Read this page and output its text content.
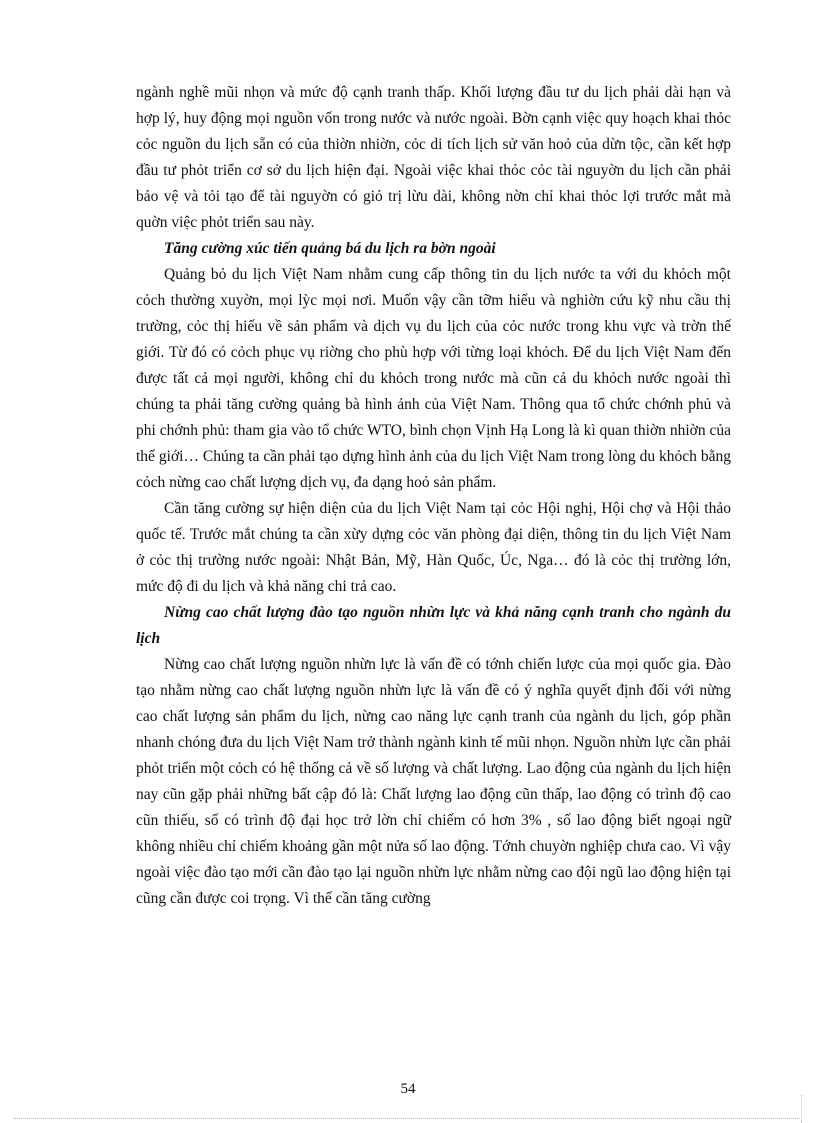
ngành nghề mũi nhọn và mức độ cạnh tranh thấp. Khối lượng đầu tư du lịch phải dài hạn và hợp lý, huy động mọi nguồn vốn trong nước và nước ngoài. Bờn cạnh việc quy hoạch khai thỏc cỏc nguồn du lịch sẵn có của thiờn nhiờn, cỏc di tích lịch sử văn hoỏ của dừn tộc, cần kết hợp đầu tư phỏt triển cơ sở du lịch hiện đại. Ngoài việc khai thỏc cỏc tài nguyờn du lịch cần phải bảo vệ và tỏi tạo để tài nguyờn có giỏ trị lừu dài, không nờn chỉ khai thỏc lợi trước mắt mà quờn việc phỏt triển sau này.

Tăng cường xúc tiến quảng bá du lịch ra bờn ngoài

Quảng bỏ du lịch Việt Nam nhằm cung cấp thông tin du lịch nước ta với du khỏch một cỏch thường xuyờn, mọi lỳc mọi nơi. Muốn vậy cần tỡm hiểu và nghiờn cứu kỹ nhu cầu thị trường, cỏc thị hiếu về sản phẩm và dịch vụ du lịch của cỏc nước trong khu vực và trờn thế giới. Từ đó có cỏch phục vụ riờng cho phù hợp với từng loại khỏch. Để du lịch Việt Nam đến được tất cả mọi người, không chỉ du khỏch trong nước mà cũn cả du khỏch nước ngoài thì chúng ta phải tăng cường quảng bà hình ảnh của Việt Nam. Thông qua tổ chức chớnh phủ và phi chớnh phủ: tham gia vào tổ chức WTO, bình chọn Vịnh Hạ Long là kì quan thiờn nhiờn của thế giới… Chúng ta cần phải tạo dựng hình ảnh của du lịch Việt Nam trong lòng du khỏch bằng cỏch nừng cao chất lượng dịch vụ, đa dạng hoỏ sản phẩm.

Cần tăng cường sự hiện diện của du lịch Việt Nam tại cỏc Hội nghị, Hội chợ và Hội thảo quốc tế. Trước mắt chúng ta cần xừy dựng cỏc văn phòng đại diện, thông tin du lịch Việt Nam ở cỏc thị trường nước ngoài: Nhật Bản, Mỹ, Hàn Quốc, Úc, Nga… đó là cỏc thị trường lớn, mức độ đi du lịch và khả năng chi trả cao.

Nừng cao chất lượng đào tạo nguồn nhừn lực và khả năng cạnh tranh cho ngành du lịch

Nừng cao chất lượng nguồn nhừn lực là vấn đề có tớnh chiến lược của mọi quốc gia. Đào tạo nhằm nừng cao chất lượng nguồn nhừn lực là vấn đề có ý nghĩa quyết định đối với nừng cao chất lượng sản phẩm du lịch, nừng cao năng lực cạnh tranh của ngành du lịch, góp phần nhanh chóng đưa du lịch Việt Nam trở thành ngành kinh tế mũi nhọn. Nguồn nhừn lực cần phải phỏt triển một cỏch có hệ thống cả về số lượng và chất lượng. Lao động của ngành du lịch hiện nay cũn gặp phải những bất cập đó là: Chất lượng lao động cũn thấp, lao động có trình độ cao cũn thiếu, số có trình độ đại học trở lờn chỉ chiếm có hơn 3% , số lao động biết ngoại ngữ không nhiều chỉ chiếm khoảng gần một nửa số lao động. Tớnh chuyờn nghiệp chưa cao. Vì vậy ngoài việc đào tạo mới cần đào tạo lại nguồn nhừn lực nhằm nừng cao đội ngũ lao động hiện tại cũng cần được coi trọng. Vì thế cần tăng cường

54
